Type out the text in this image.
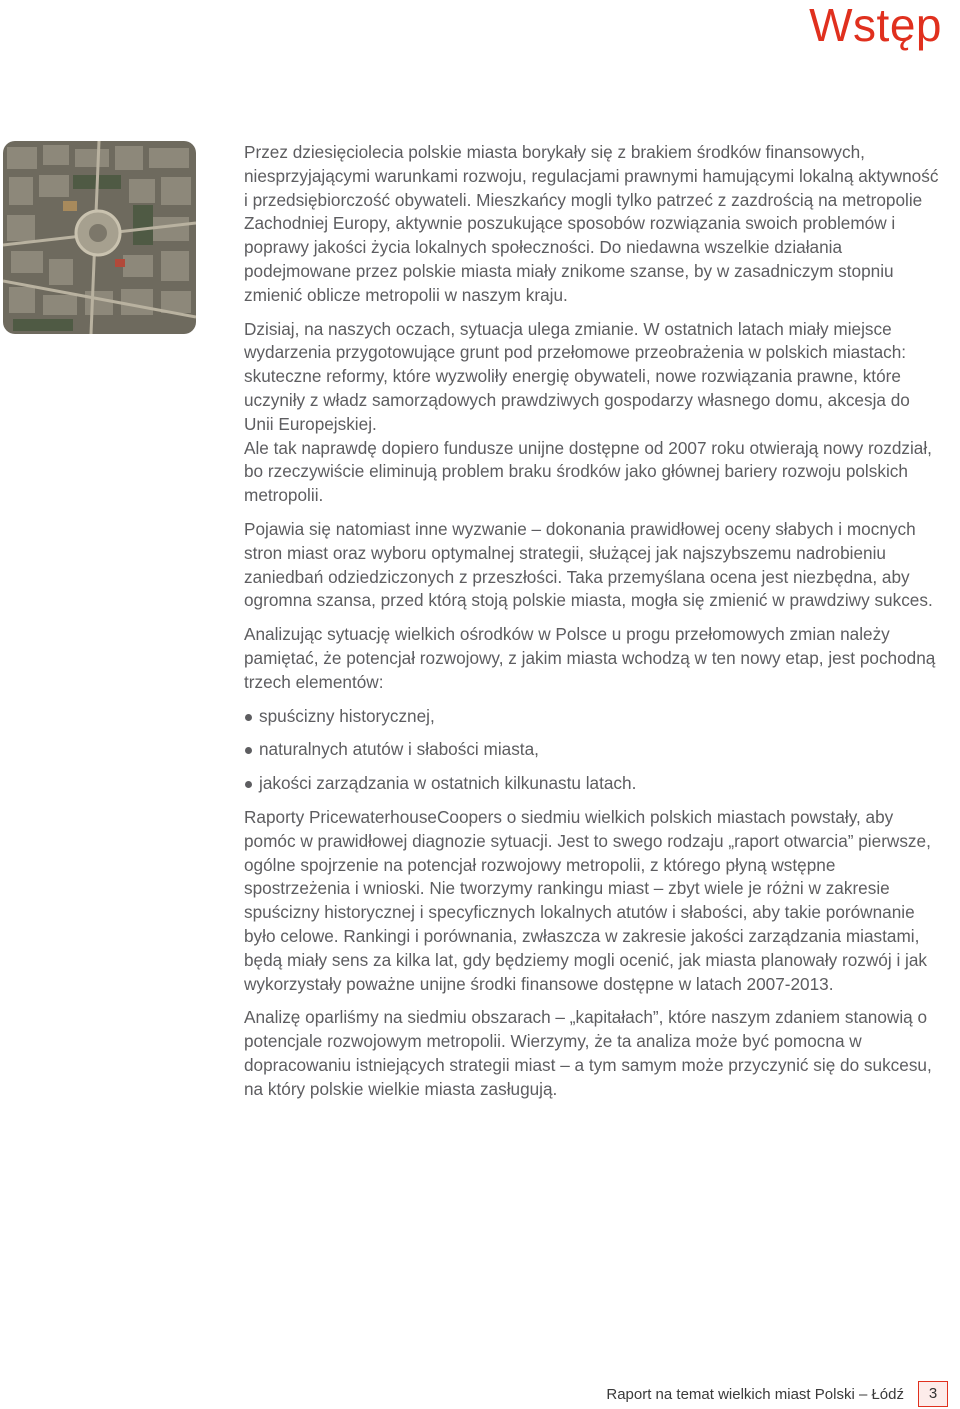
Wstęp

Przez dziesięciolecia polskie miasta borykały się z brakiem środków finansowych, niesprzyjającymi warunkami rozwoju, regulacjami prawnymi hamującymi lokalną aktywność i przedsiębiorczość obywateli. Mieszkańcy mogli tylko patrzeć z zazdrością na metropolie Zachodniej Europy, aktywnie poszukujące sposobów rozwiązania swoich problemów i poprawy jakości życia lokalnych społeczności. Do niedawna wszelkie działania podejmowane przez polskie miasta miały znikome szanse, by w zasadniczym stopniu zmienić oblicze metropolii w naszym kraju.

Dzisiaj, na naszych oczach, sytuacja ulega zmianie. W ostatnich latach miały miejsce wydarzenia przygotowujące grunt pod przełomowe przeobrażenia w polskich miastach: skuteczne reformy, które wyzwoliły energię obywateli, nowe rozwiązania prawne, które uczyniły z władz samorządowych prawdziwych gospodarzy własnego domu, akcesja do Unii Europejskiej.

Ale tak naprawdę dopiero fundusze unijne dostępne od 2007 roku otwierają nowy rozdział, bo rzeczywiście eliminują problem braku środków jako głównej bariery rozwoju polskich metropolii.

Pojawia się natomiast inne wyzwanie – dokonania prawidłowej oceny słabych i mocnych stron miast oraz wyboru optymalnej strategii, służącej jak najszybszemu nadrobieniu zaniedbań odziedziczonych z przeszłości. Taka przemyślana ocena jest niezbędna, aby ogromna szansa, przed którą stoją polskie miasta, mogła się zmienić w prawdziwy sukces.

Analizując sytuację wielkich ośrodków w Polsce u progu przełomowych zmian należy pamiętać, że potencjał rozwojowy, z jakim miasta wchodzą w ten nowy etap, jest pochodną trzech elementów:

spuścizny historycznej,
naturalnych atutów i słabości miasta,
jakości zarządzania w ostatnich kilkunastu latach.

Raporty PricewaterhouseCoopers o siedmiu wielkich polskich miastach powstały, aby pomóc w prawidłowej diagnozie sytuacji. Jest to swego rodzaju „raport otwarcia” pierwsze, ogólne spojrzenie na potencjał rozwojowy metropolii, z którego płyną wstępne spostrzeżenia i wnioski. Nie tworzymy rankingu miast – zbyt wiele je różni w zakresie spuścizny historycznej i specyficznych lokalnych atutów i słabości, aby takie porównanie było celowe. Rankingi i porównania, zwłaszcza w zakresie jakości zarządzania miastami, będą miały sens za kilka lat, gdy będziemy mogli ocenić, jak miasta planowały rozwój i jak wykorzystały poważne unijne środki finansowe dostępne w latach 2007-2013.

Analizę oparliśmy na siedmiu obszarach – „kapitałach”, które naszym zdaniem stanowią o potencjale rozwojowym metropolii. Wierzymy, że ta analiza może być pomocna w dopracowaniu istniejących strategii miast – a tym samym może przyczynić się do sukcesu, na który polskie wielkie miasta zasługują.

Raport na temat wielkich miast Polski – Łódź	3
